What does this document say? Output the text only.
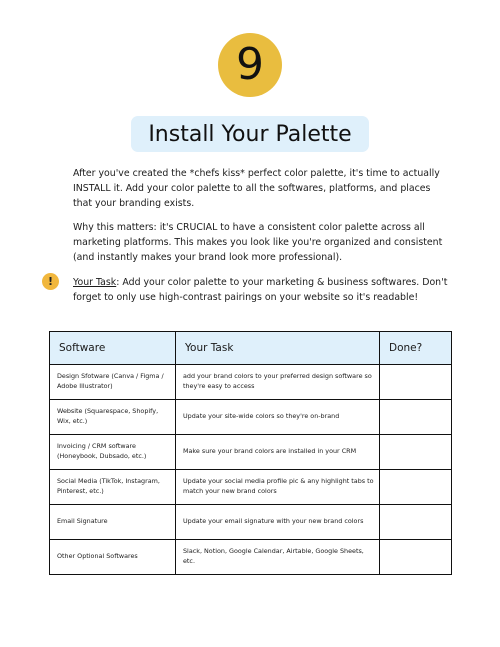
9
Install Your Palette

After you've created the *chefs kiss* perfect color palette, it's time to actually INSTALL it. Add your color palette to all the softwares, platforms, and places that your branding exists.

Why this matters: it's CRUCIAL to have a consistent color palette across all marketing platforms. This makes you look like you're organized and consistent (and instantly makes your brand look more professional).

!	Your Task: Add your color palette to your marketing & business softwares. Don't forget to only use high-contrast pairings on your website so it's readable!

Software	Your Task	Done?
Design Sfotware (Canva / Figma / Adobe Illustrator)	add your brand colors to your preferred design software so they're easy to access	
Website (Squarespace, Shopify, Wix, etc.)	Update your site-wide colors so they're on-brand	
Invoicing / CRM software (Honeybook, Dubsado, etc.)	Make sure your brand colors are installed in your CRM	
Social Media (TikTok, Instagram, Pinterest, etc.)	Update your social media profile pic & any highlight tabs to match your new brand colors	
Email Signature	Update your email signature with your new brand colors	
Other Optional Softwares	Slack, Notion, Google Calendar, Airtable, Google Sheets, etc.	
